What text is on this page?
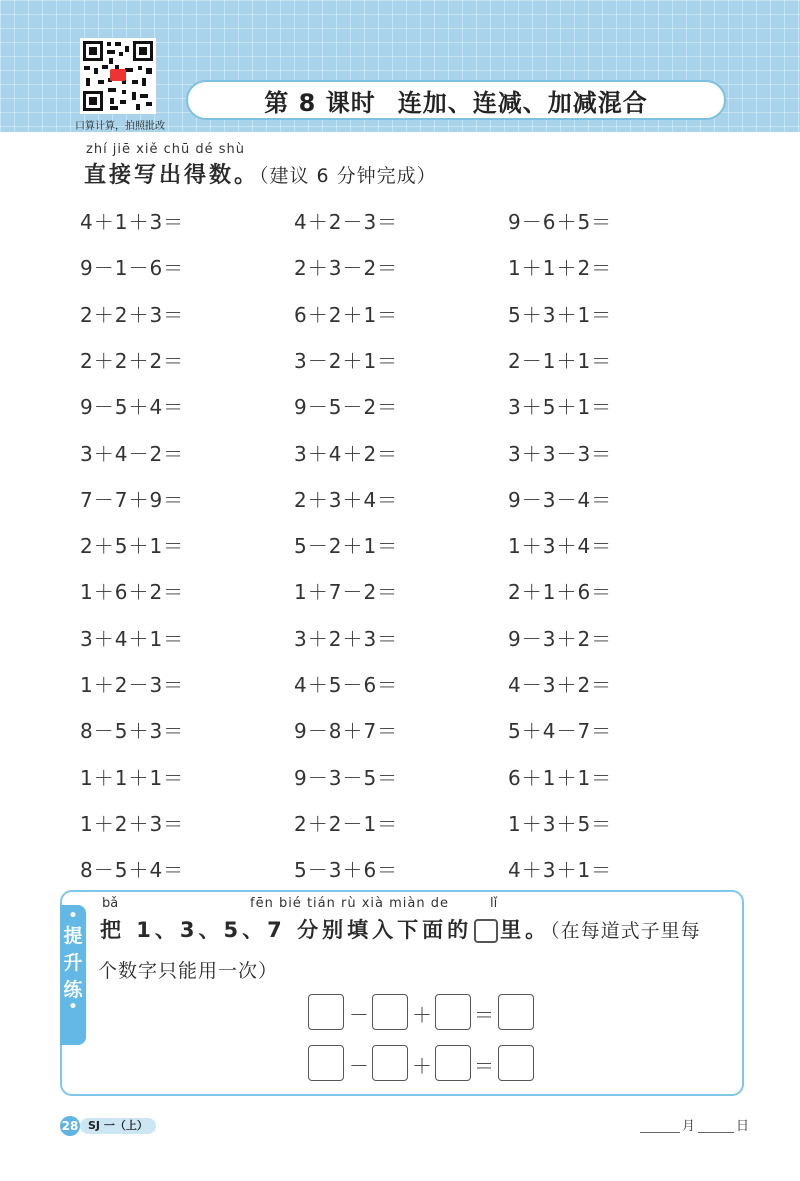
口算计算，拍照批改
第 8 课时 连加、连减、加减混合
zhí jiē xiě chū dé shù
直接写出得数。（建议 6 分钟完成）
4＋1＋3＝	4＋2－3＝	9－6＋5＝
9－1－6＝	2＋3－2＝	1＋1＋2＝
2＋2＋3＝	6＋2＋1＝	5＋3＋1＝
2＋2＋2＝	3－2＋1＝	2－1＋1＝
9－5＋4＝	9－5－2＝	3＋5＋1＝
3＋4－2＝	3＋4＋2＝	3＋3－3＝
7－7＋9＝	2＋3＋4＝	9－3－4＝
2＋5＋1＝	5－2＋1＝	1＋3＋4＝
1＋6＋2＝	1＋7－2＝	2＋1＋6＝
3＋4＋1＝	3＋2＋3＝	9－3＋2＝
1＋2－3＝	4＋5－6＝	4－3＋2＝
8－5＋3＝	9－8＋7＝	5＋4－7＝
1＋1＋1＝	9－3－5＝	6＋1＋1＝
1＋2＋3＝	2＋2－1＝	1＋3＋5＝
8－5＋4＝	5－3＋6＝	4＋3＋1＝
•
提
升
练
•
bǎ	fēn bié tián rù xià miàn de	lǐ
把 1、3、5、7 分别填入下面的 里。（在每道式子里每
个数字只能用一次）
－ ＋ ＝
－ ＋ ＝
28 SJ 一（上）	月	日
